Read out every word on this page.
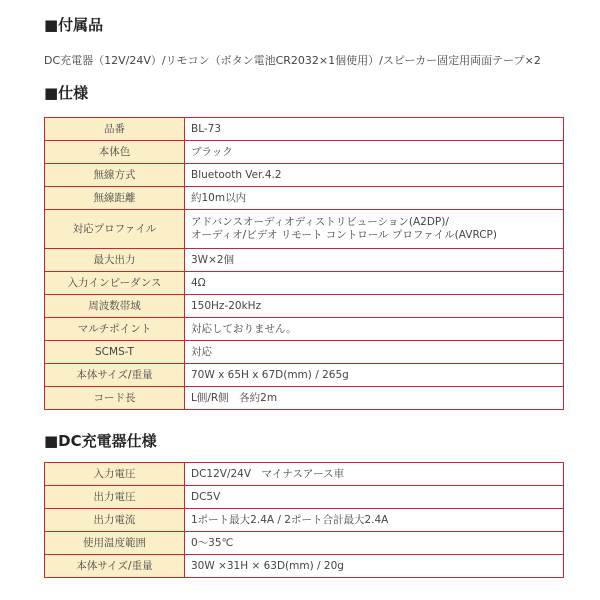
■付属品
DC充電器（12V/24V）/リモコン（ボタン電池CR2032×1個使用）/スピーカー固定用両面テープ×2
■仕様
品番	BL-73

本体色	ブラック

無線方式	Bluetooth Ver.4.2

無線距離	約10m以内

対応プロファイル	アドバンスオーディオディストリビューション(A2DP)/
オーディオ/ビデオ リモート コントロール プロファイル(AVRCP)

最大出力	3W×2個

入力インピーダンス	4Ω

周波数帯域	150Hz-20kHz

マルチポイント	対応しておりません。

SCMS-T	対応

本体サイズ/重量	70W x 65H x 67D(mm) / 265g

コード長	L側/R側　各約2m
■DC充電器仕様
入力電圧	DC12V/24V　マイナスアース車

出力電圧	DC5V

出力電流	1ポート最大2.4A / 2ポート合計最大2.4A

使用温度範囲	0〜35℃

本体サイズ/重量	30W ×31H × 63D(mm) / 20g
